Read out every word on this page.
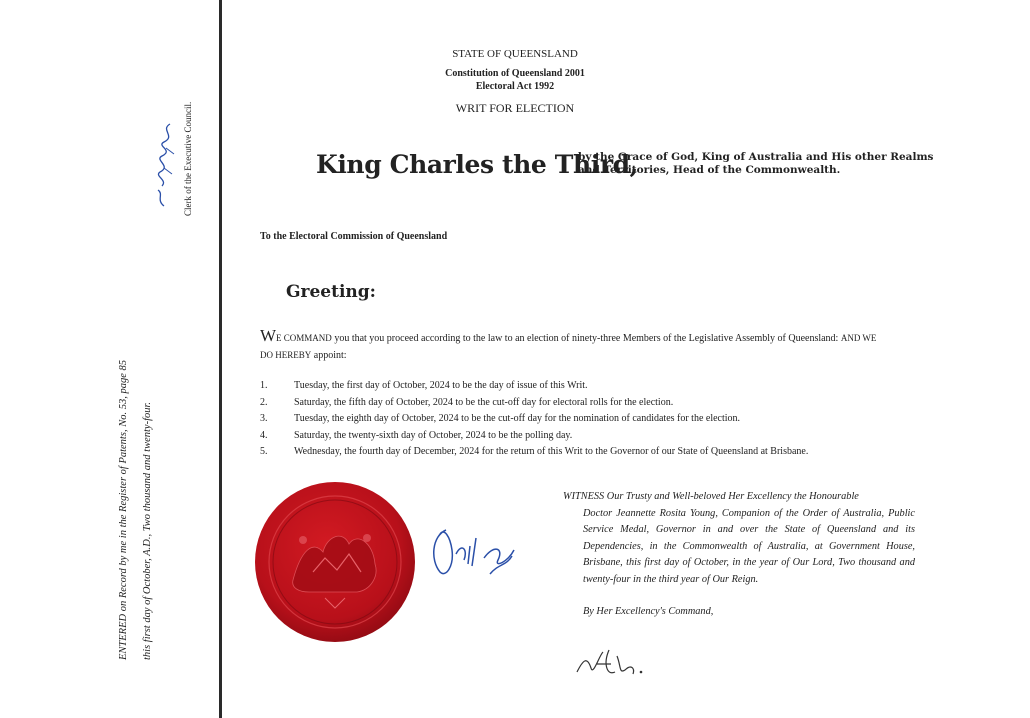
Clerk of the Executive Council.
ENTERED on Record by me in the Register of Patents, No. 53, page 85 this first day of October, A.D., Two thousand and twenty-four.
STATE OF QUEENSLAND
Constitution of Queensland 2001
Electoral Act 1992
WRIT FOR ELECTION
King Charles the Third,
by the Grace of God, King of Australia and His other Realms
and Territories, Head of the Commonwealth.
To the Electoral Commission of Queensland
Greeting:
WE COMMAND you that you proceed according to the law to an election of ninety-three Members of the Legislative Assembly of Queensland: AND WE DO HEREBY appoint:
1.	Tuesday, the first day of October, 2024 to be the day of issue of this Writ.
2.	Saturday, the fifth day of October, 2024 to be the cut-off day for electoral rolls for the election.
3.	Tuesday, the eighth day of October, 2024 to be the cut-off day for the nomination of candidates for the election.
4.	Saturday, the twenty-sixth day of October, 2024 to be the polling day.
5.	Wednesday, the fourth day of December, 2024 for the return of this Writ to the Governor of our State of Queensland at Brisbane.
WITNESS Our Trusty and Well-beloved Her Excellency the Honourable
Doctor Jeannette Rosita Young, Companion of the Order of Australia, Public Service Medal, Governor in and over the State of Queensland and its Dependencies, in the Commonwealth of Australia, at Government House, Brisbane, this first day of October, in the year of Our Lord, Two thousand and twenty-four in the third year of Our Reign.
By Her Excellency's Command,
